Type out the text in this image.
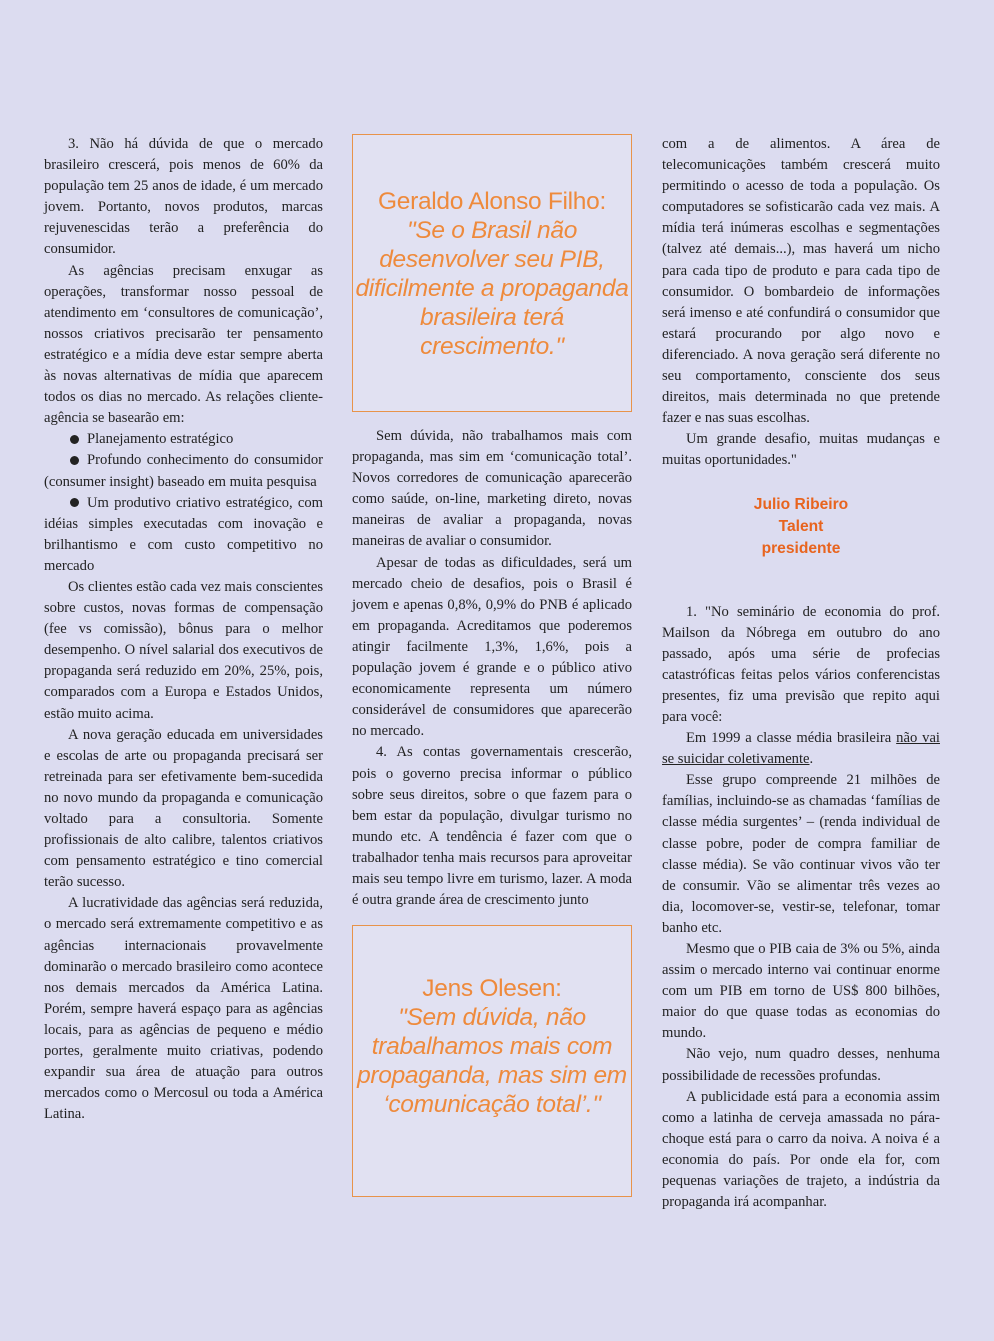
3. Não há dúvida de que o mercado brasileiro crescerá, pois menos de 60% da população tem 25 anos de idade, é um mercado jovem. Portanto, novos produtos, marcas rejuvenescidas terão a preferência do consumidor.

As agências precisam enxugar as operações, transformar nosso pessoal de atendimento em ‘consultores de comunicação’, nossos criativos precisarão ter pensamento estratégico e a mídia deve estar sempre aberta às novas alternativas de mídia que aparecem todos os dias no mercado. As relações cliente-agência se basearão em:

Planejamento estratégico

Profundo conhecimento do consumidor (consumer insight) baseado em muita pesquisa

Um produtivo criativo estratégico, com idéias simples executadas com inovação e brilhantismo e com custo competitivo no mercado

Os clientes estão cada vez mais conscientes sobre custos, novas formas de compensação (fee vs comissão), bônus para o melhor desempenho. O nível salarial dos executivos de propaganda será reduzido em 20%, 25%, pois, comparados com a Europa e Estados Unidos, estão muito acima.

A nova geração educada em universidades e escolas de arte ou propaganda precisará ser retreinada para ser efetivamente bem-sucedida no novo mundo da propaganda e comunicação voltado para a consultoria. Somente profissionais de alto calibre, talentos criativos com pensamento estratégico e tino comercial terão sucesso.

A lucratividade das agências será reduzida, o mercado será extremamente competitivo e as agências internacionais provavelmente dominarão o mercado brasileiro como acontece nos demais mercados da América Latina. Porém, sempre haverá espaço para as agências locais, para as agências de pequeno e médio portes, geralmente muito criativas, podendo expandir sua área de atuação para outros mercados como o Mercosul ou toda a América Latina.

Geraldo Alonso Filho:
"Se o Brasil não desenvolver seu PIB, dificilmente a propaganda brasileira terá crescimento."

Sem dúvida, não trabalhamos mais com propaganda, mas sim em ‘comunicação total’. Novos corredores de comunicação aparecerão como saúde, on-line, marketing direto, novas maneiras de avaliar a propaganda, novas maneiras de avaliar o consumidor.

Apesar de todas as dificuldades, será um mercado cheio de desafios, pois o Brasil é jovem e apenas 0,8%, 0,9% do PNB é aplicado em propaganda. Acreditamos que poderemos atingir facilmente 1,3%, 1,6%, pois a população jovem é grande e o público ativo economicamente representa um número considerável de consumidores que aparecerão no mercado.

4. As contas governamentais crescerão, pois o governo precisa informar o público sobre seus direitos, sobre o que fazem para o bem estar da população, divulgar turismo no mundo etc. A tendência é fazer com que o trabalhador tenha mais recursos para aproveitar mais seu tempo livre em turismo, lazer. A moda é outra grande área de crescimento junto

Jens Olesen:
"Sem dúvida, não trabalhamos mais com propaganda, mas sim em ‘comunicação total’."

com a de alimentos. A área de telecomunicações também crescerá muito permitindo o acesso de toda a população. Os computadores se sofisticarão cada vez mais. A mídia terá inúmeras escolhas e segmentações (talvez até demais...), mas haverá um nicho para cada tipo de produto e para cada tipo de consumidor. O bombardeio de informações será imenso e até confundirá o consumidor que estará procurando por algo novo e diferenciado. A nova geração será diferente no seu comportamento, consciente dos seus direitos, mais determinada no que pretende fazer e nas suas escolhas.

Um grande desafio, muitas mudanças e muitas oportunidades."

Julio Ribeiro
Talent
presidente

1. "No seminário de economia do prof. Mailson da Nóbrega em outubro do ano passado, após uma série de profecias catastróficas feitas pelos vários conferencistas presentes, fiz uma previsão que repito aqui para você:

Em 1999 a classe média brasileira não vai se suicidar coletivamente.

Esse grupo compreende 21 milhões de famílias, incluindo-se as chamadas ‘famílias de classe média surgentes’ – (renda individual de classe pobre, poder de compra familiar de classe média). Se vão continuar vivos vão ter de consumir. Vão se alimentar três vezes ao dia, locomover-se, vestir-se, telefonar, tomar banho etc.

Mesmo que o PIB caia de 3% ou 5%, ainda assim o mercado interno vai continuar enorme com um PIB em torno de US$ 800 bilhões, maior do que quase todas as economias do mundo.

Não vejo, num quadro desses, nenhuma possibilidade de recessões profundas.

A publicidade está para a economia assim como a latinha de cerveja amassada no pára-choque está para o carro da noiva. A noiva é a economia do país. Por onde ela for, com pequenas variações de trajeto, a indústria da propaganda irá acompanhar.
